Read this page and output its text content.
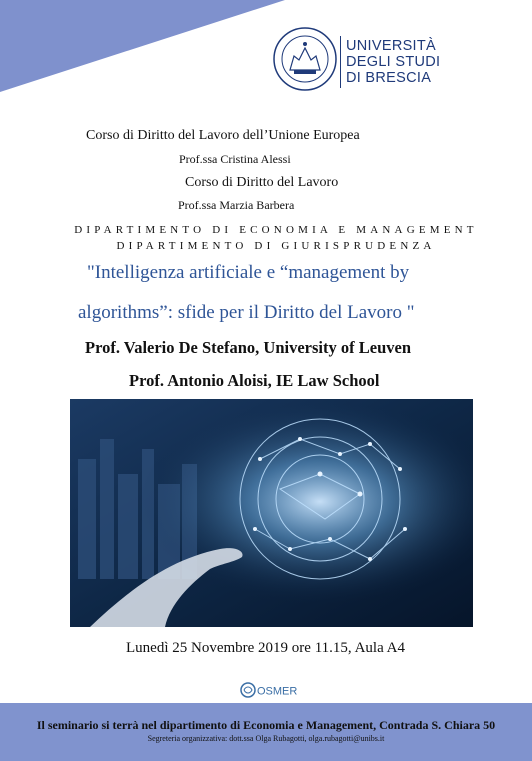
UNIVERSITÀ
DEGLI STUDI
DI BRESCIA
Corso di Diritto del Lavoro dell’Unione Europea
Prof.ssa Cristina Alessi
Corso di Diritto del Lavoro
Prof.ssa Marzia Barbera
DIPARTIMENTO DI ECONOMIA E MANAGEMENT
DIPARTIMENTO DI GIURISPRUDENZA
"Intelligenza artificiale e “management by
algorithms”: sfide per il Diritto del Lavoro "
Prof. Valerio De Stefano, University of Leuven
Prof. Antonio Aloisi, IE Law School
Lunedì 25 Novembre 2019 ore 11.15, Aula A4
OSMER
Il seminario si terrà nel dipartimento di Economia e Management, Contrada S. Chiara 50
Segreteria organizzativa: dott.ssa Olga Rubagotti, olga.rubagotti@unibs.it
